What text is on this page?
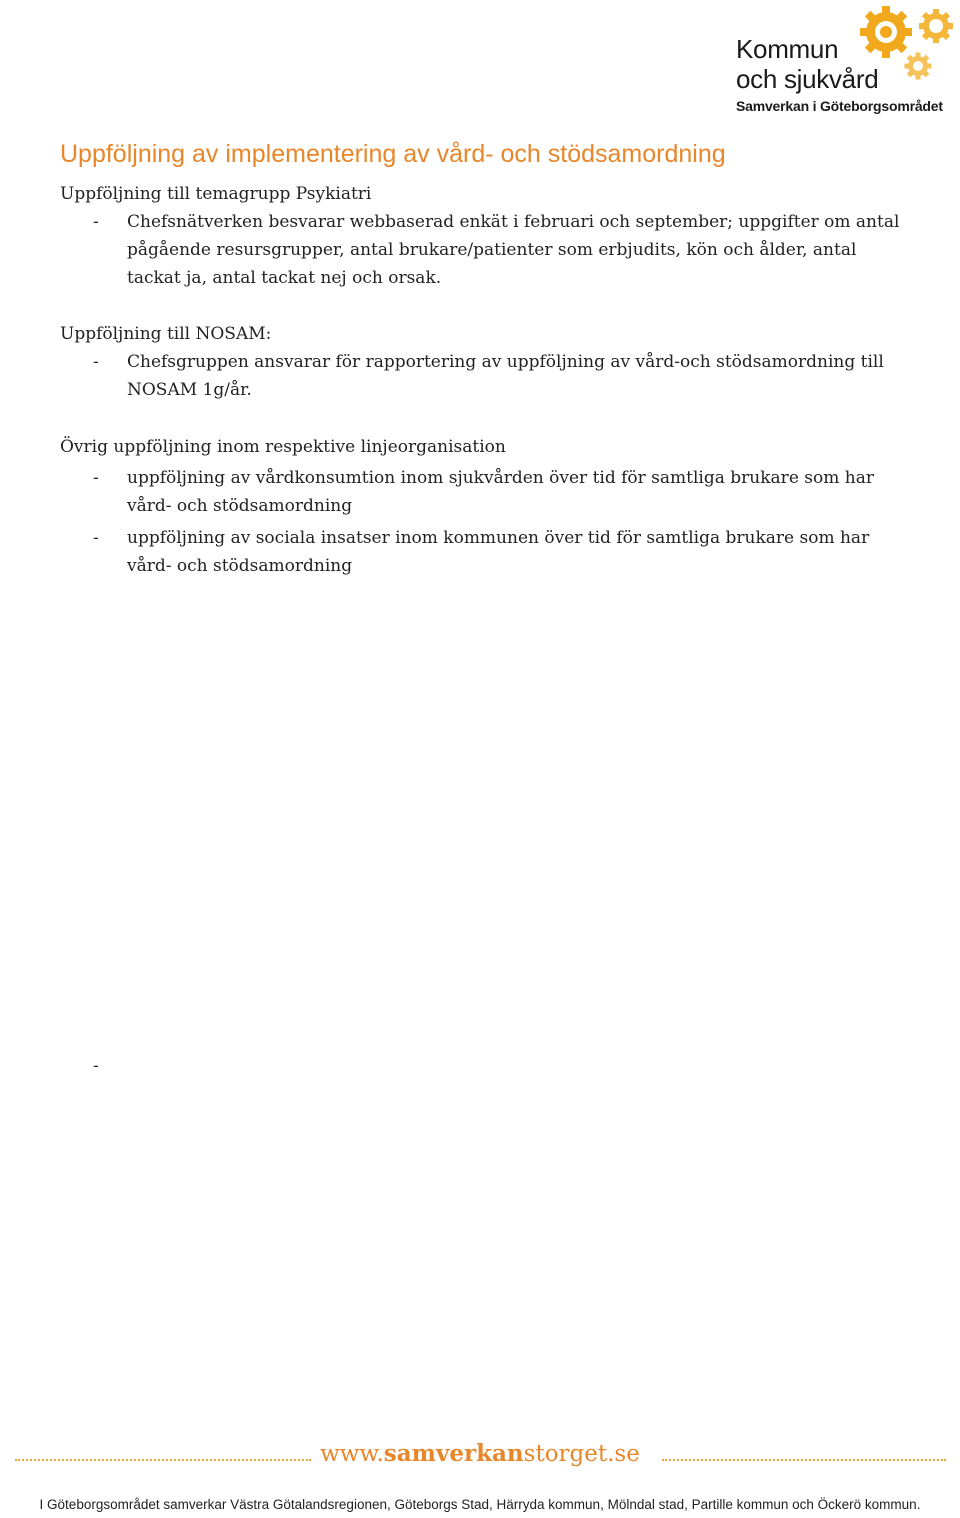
Kommun
och sjukvård
Samverkan i Göteborgsområdet
Uppföljning av implementering av vård- och stödsamordning
Uppföljning till temagrupp Psykiatri
- Chefsnätverken besvarar webbaserad enkät i februari och september; uppgifter om antal pågående resursgrupper, antal brukare/patienter som erbjudits, kön och ålder, antal tackat ja, antal tackat nej och orsak.
Uppföljning till NOSAM:
- Chefsgruppen ansvarar för rapportering av uppföljning av vård-och stödsamordning till NOSAM 1g/år.
Övrig uppföljning inom respektive linjeorganisation
- uppföljning av vårdkonsumtion inom sjukvården över tid för samtliga brukare som har vård- och stödsamordning
- uppföljning av sociala insatser inom kommunen över tid för samtliga brukare som har vård- och stödsamordning
-
www.samverkanstorget.se
I Göteborgsområdet samverkar Västra Götalandsregionen, Göteborgs Stad, Härryda kommun, Mölndal stad, Partille kommun och Öckerö kommun.
